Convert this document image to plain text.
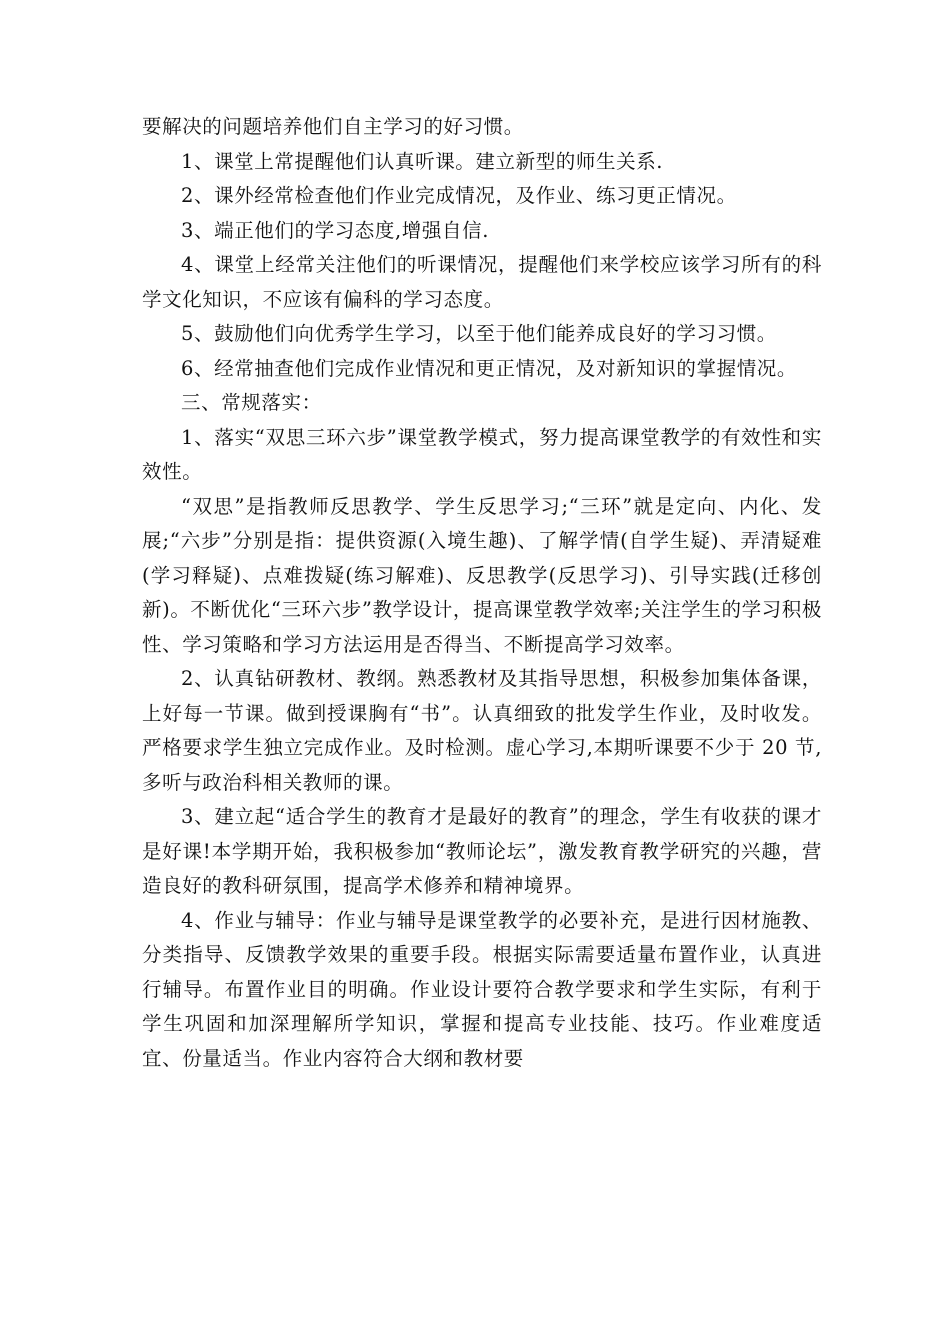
要解决的问题培养他们自主学习的好习惯。

1、课堂上常提醒他们认真听课。建立新型的师生关系.

2、课外经常检查他们作业完成情况，及作业、练习更正情况。

3、端正他们的学习态度,增强自信.

4、课堂上经常关注他们的听课情况，提醒他们来学校应该学习所有的科学文化知识，不应该有偏科的学习态度。

5、鼓励他们向优秀学生学习，以至于他们能养成良好的学习习惯。

6、经常抽查他们完成作业情况和更正情况，及对新知识的掌握情况。

三、常规落实：

1、落实“双思三环六步”课堂教学模式，努力提高课堂教学的有效性和实效性。

“双思”是指教师反思教学、学生反思学习;“三环”就是定向、内化、发展;“六步”分别是指：提供资源(入境生趣)、了解学情(自学生疑)、弄清疑难(学习释疑)、点难拨疑(练习解难)、反思教学(反思学习)、引导实践(迁移创新)。不断优化“三环六步”教学设计，提高课堂教学效率;关注学生的学习积极性、学习策略和学习方法运用是否得当、不断提高学习效率。

2、认真钻研教材、教纲。熟悉教材及其指导思想，积极参加集体备课，上好每一节课。做到授课胸有“书”。认真细致的批发学生作业，及时收发。严格要求学生独立完成作业。及时检测。虚心学习,本期听课要不少于 20 节,多听与政治科相关教师的课。

3、建立起“适合学生的教育才是最好的教育”的理念，学生有收获的课才是好课!本学期开始，我积极参加“教师论坛”，激发教育教学研究的兴趣，营造良好的教科研氛围，提高学术修养和精神境界。

4、作业与辅导：作业与辅导是课堂教学的必要补充，是进行因材施教、分类指导、反馈教学效果的重要手段。根据实际需要适量布置作业，认真进行辅导。布置作业目的明确。作业设计要符合教学要求和学生实际，有利于学生巩固和加深理解所学知识，掌握和提高专业技能、技巧。作业难度适宜、份量适当。作业内容符合大纲和教材要
